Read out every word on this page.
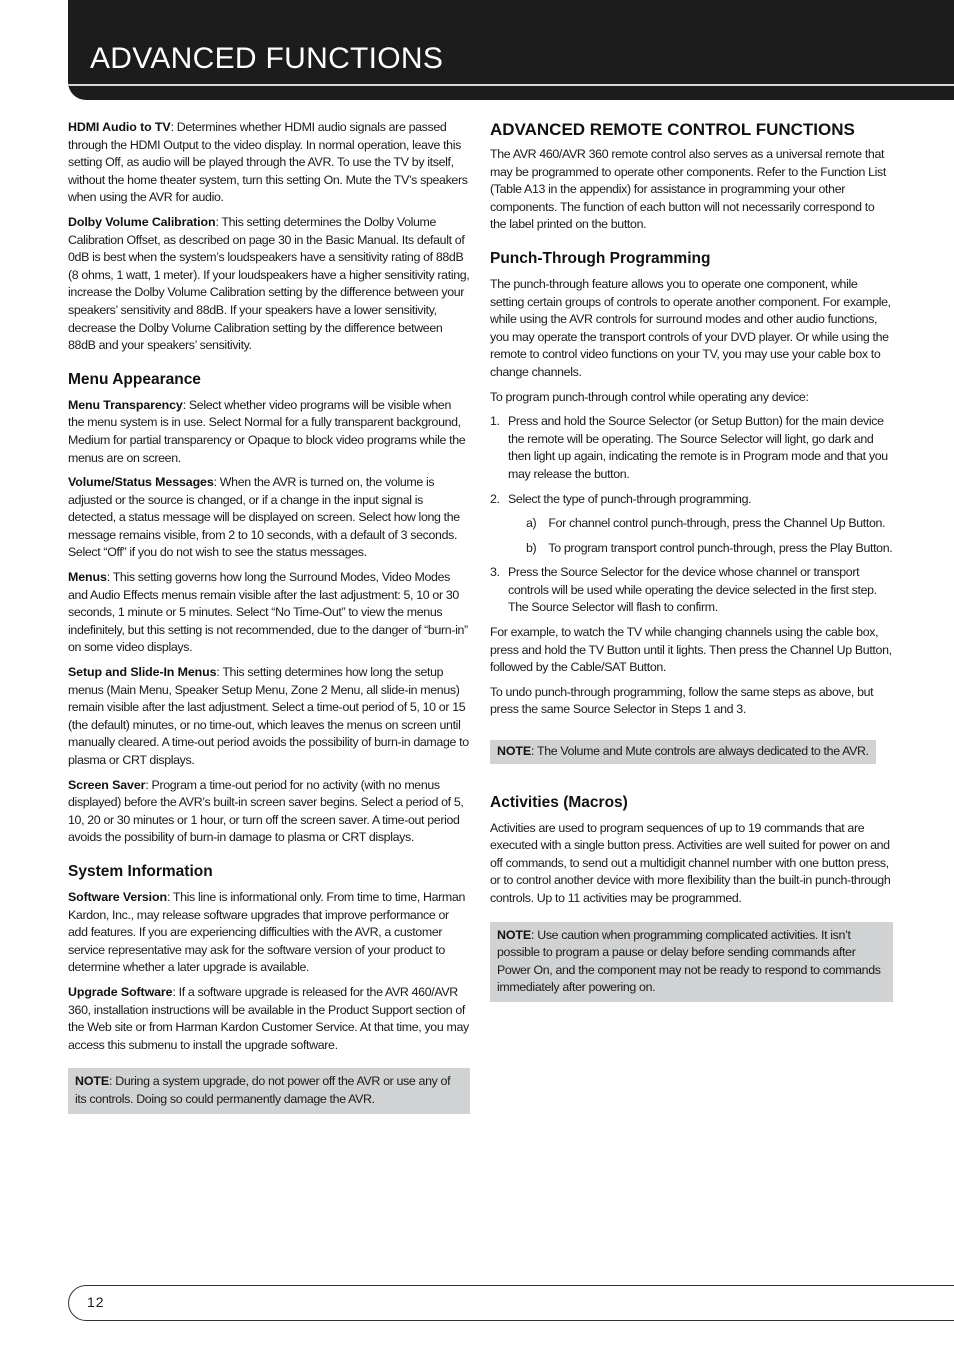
ADVANCED FUNCTIONS

HDMI Audio to TV: Determines whether HDMI audio signals are passed through the HDMI Output to the video display. In normal operation, leave this setting Off, as audio will be played through the AVR. To use the TV by itself, without the home theater system, turn this setting On. Mute the TV’s speakers when using the AVR for audio.

Dolby Volume Calibration: This setting determines the Dolby Volume Calibration Offset, as described on page 30 in the Basic Manual. Its default of 0dB is best when the system’s loudspeakers have a sensitivity rating of 88dB (8 ohms, 1 watt, 1 meter). If your loudspeakers have a higher sensitivity rating, increase the Dolby Volume Calibration setting by the difference between your speakers’ sensitivity and 88dB. If your speakers have a lower sensitivity, decrease the Dolby Volume Calibration setting by the difference between 88dB and your speakers’ sensitivity.

Menu Appearance

Menu Transparency: Select whether video programs will be visible when the menu system is in use. Select Normal for a fully transparent background, Medium for partial transparency or Opaque to block video programs while the menus are on screen.

Volume/Status Messages: When the AVR is turned on, the volume is adjusted or the source is changed, or if a change in the input signal is detected, a status message will be displayed on screen. Select how long the message remains visible, from 2 to 10 seconds, with a default of 3 seconds. Select “Off” if you do not wish to see the status messages.

Menus: This setting governs how long the Surround Modes, Video Modes and Audio Effects menus remain visible after the last adjustment: 5, 10 or 30 seconds, 1 minute or 5 minutes. Select “No Time-Out” to view the menus indefinitely, but this setting is not recommended, due to the danger of “burn-in” on some video displays.

Setup and Slide-In Menus: This setting determines how long the setup menus (Main Menu, Speaker Setup Menu, Zone 2 Menu, all slide-in menus) remain visible after the last adjustment. Select a time-out period of 5, 10 or 15 (the default) minutes, or no time-out, which leaves the menus on screen until manually cleared. A time-out period avoids the possibility of burn-in damage to plasma or CRT displays.

Screen Saver: Program a time-out period for no activity (with no menus displayed) before the AVR’s built-in screen saver begins. Select a period of 5, 10, 20 or 30 minutes or 1 hour, or turn off the screen saver. A time-out period avoids the possibility of burn-in damage to plasma or CRT displays.

System Information

Software Version: This line is informational only. From time to time, Harman Kardon, Inc., may release software upgrades that improve performance or add features. If you are experiencing difficulties with the AVR, a customer service representative may ask for the software version of your product to determine whether a later upgrade is available.

Upgrade Software: If a software upgrade is released for the AVR 460/AVR 360, installation instructions will be available in the Product Support section of the Web site or from Harman Kardon Customer Service. At that time, you may access this submenu to install the upgrade software.

NOTE: During a system upgrade, do not power off the AVR or use any of its controls. Doing so could permanently damage the AVR.
ADVANCED REMOTE CONTROL FUNCTIONS

The AVR 460/AVR 360 remote control also serves as a universal remote that may be programmed to operate other components. Refer to the Function List (Table A13 in the appendix) for assistance in programming your other components. The function of each button will not necessarily correspond to the label printed on the button.

Punch-Through Programming

The punch-through feature allows you to operate one component, while setting certain groups of controls to operate another component. For example, while using the AVR controls for surround modes and other audio functions, you may operate the transport controls of your DVD player. Or while using the remote to control video functions on your TV, you may use your cable box to change channels.

To program punch-through control while operating any device:

1. Press and hold the Source Selector (or Setup Button) for the main device the remote will be operating. The Source Selector will light, go dark and then light up again, indicating the remote is in Program mode and that you may release the button.
2. Select the type of punch-through programming.
a) For channel control punch-through, press the Channel Up Button.
b) To program transport control punch-through, press the Play Button.
3. Press the Source Selector for the device whose channel or transport controls will be used while operating the device selected in the first step. The Source Selector will flash to confirm.

For example, to watch the TV while changing channels using the cable box, press and hold the TV Button until it lights. Then press the Channel Up Button, followed by the Cable/SAT Button.

To undo punch-through programming, follow the same steps as above, but press the same Source Selector in Steps 1 and 3.

NOTE: The Volume and Mute controls are always dedicated to the AVR.
Activities (Macros)

Activities are used to program sequences of up to 19 commands that are executed with a single button press. Activities are well suited for power on and off commands, to send out a multidigit channel number with one button press, or to control another device with more flexibility than the built-in punch-through controls. Up to 11 activities may be programmed.

NOTE: Use caution when programming complicated activities. It isn’t possible to program a pause or delay before sending commands after Power On, and the component may not be ready to respond to commands immediately after powering on.
12
